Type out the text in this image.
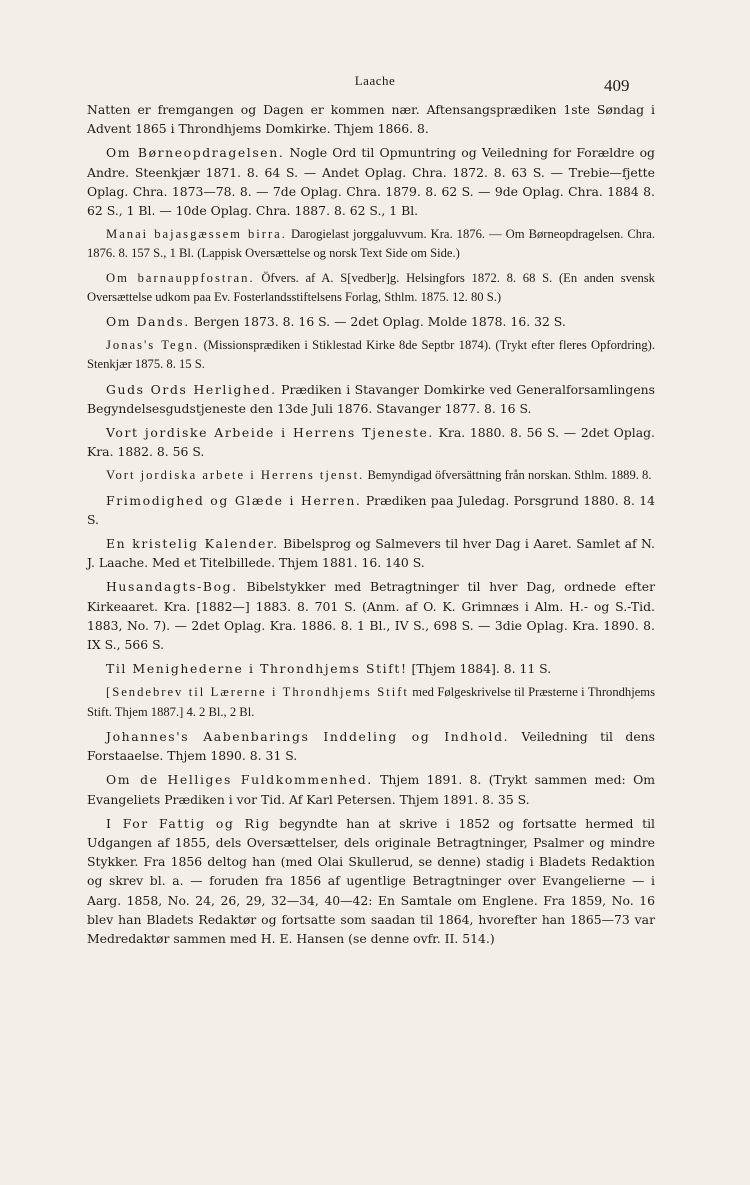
Laache	409

Natten er fremgangen og Dagen er kommen nær. Aftensangsprædiken 1ste Søndag i Advent 1865 i Throndhjems Domkirke. Thjem 1866. 8.

Om Børneopdragelsen. Nogle Ord til Opmuntring og Veiledning for Forældre og Andre. Steenkjær 1871. 8. 64 S. — Andet Oplag. Chra. 1872. 8. 63 S. — Trebie—fjette Oplag. Chra. 1873—78. 8. — 7de Oplag. Chra. 1879. 8. 62 S. — 9de Oplag. Chra. 1884 8. 62 S., 1 Bl. — 10de Oplag. Chra. 1887. 8. 62 S., 1 Bl.

Manai bajasgæssem birra. Darogielast jorggaluvvum. Kra. 1876. — Om Børneopdragelsen. Chra. 1876. 8. 157 S., 1 Bl. (Lappisk Oversættelse og norsk Text Side om Side.)

Om barnauppfostran. Öfvers. af A. S[vedber]g. Helsingfors 1872. 8. 68 S. (En anden svensk Oversættelse udkom paa Ev. Fosterlandsstiftelsens Forlag, Sthlm. 1875. 12. 80 S.)

Om Dands. Bergen 1873. 8. 16 S. — 2det Oplag. Molde 1878. 16. 32 S.

Jonas's Tegn. (Missionsprædiken i Stiklestad Kirke 8de Septbr 1874). (Trykt efter fleres Opfordring). Stenkjær 1875. 8. 15 S.

Guds Ords Herlighed. Prædiken i Stavanger Domkirke ved Generalforsamlingens Begyndelsesgudstjeneste den 13de Juli 1876. Stavanger 1877. 8. 16 S.

Vort jordiske Arbeide i Herrens Tjeneste. Kra. 1880. 8. 56 S. — 2det Oplag. Kra. 1882. 8. 56 S.

Vort jordiska arbete i Herrens tjenst. Bemyndigad öfversättning från norskan. Sthlm. 1889. 8.

Frimodighed og Glæde i Herren. Prædiken paa Juledag. Porsgrund 1880. 8. 14 S.

En kristelig Kalender. Bibelsprog og Salmevers til hver Dag i Aaret. Samlet af N. J. Laache. Med et Titelbillede. Thjem 1881. 16. 140 S.

Husandagts-Bog. Bibelstykker med Betragtninger til hver Dag, ordnede efter Kirkeaaret. Kra. [1882—] 1883. 8. 701 S. (Anm. af O. K. Grimnæs i Alm. H.- og S.-Tid. 1883, No. 7). — 2det Oplag. Kra. 1886. 8. 1 Bl., IV S., 698 S. — 3die Oplag. Kra. 1890. 8. IX S., 566 S.

Til Menighederne i Throndhjems Stift! [Thjem 1884]. 8. 11 S.

[Sendebrev til Lærerne i Throndhjems Stift med Følgeskrivelse til Præsterne i Throndhjems Stift. Thjem 1887.] 4. 2 Bl., 2 Bl.

Johannes's Aabenbarings Inddeling og Indhold. Veiledning til dens Forstaaelse. Thjem 1890. 8. 31 S.

Om de Helliges Fuldkommenhed. Thjem 1891. 8. (Trykt sammen med: Om Evangeliets Prædiken i vor Tid. Af Karl Petersen. Thjem 1891. 8. 35 S.

I For Fattig og Rig begyndte han at skrive i 1852 og fortsatte hermed til Udgangen af 1855, dels Oversættelser, dels originale Betragtninger, Psalmer og mindre Stykker. Fra 1856 deltog han (med Olai Skullerud, se denne) stadig i Bladets Redaktion og skrev bl. a. — foruden fra 1856 af ugentlige Betragtninger over Evangelierne — i Aarg. 1858, No. 24, 26, 29, 32—34, 40—42: En Samtale om Englene. Fra 1859, No. 16 blev han Bladets Redaktør og fortsatte som saadan til 1864, hvorefter han 1865—73 var Medredaktør sammen med H. E. Hansen (se denne ovfr. II. 514.)
